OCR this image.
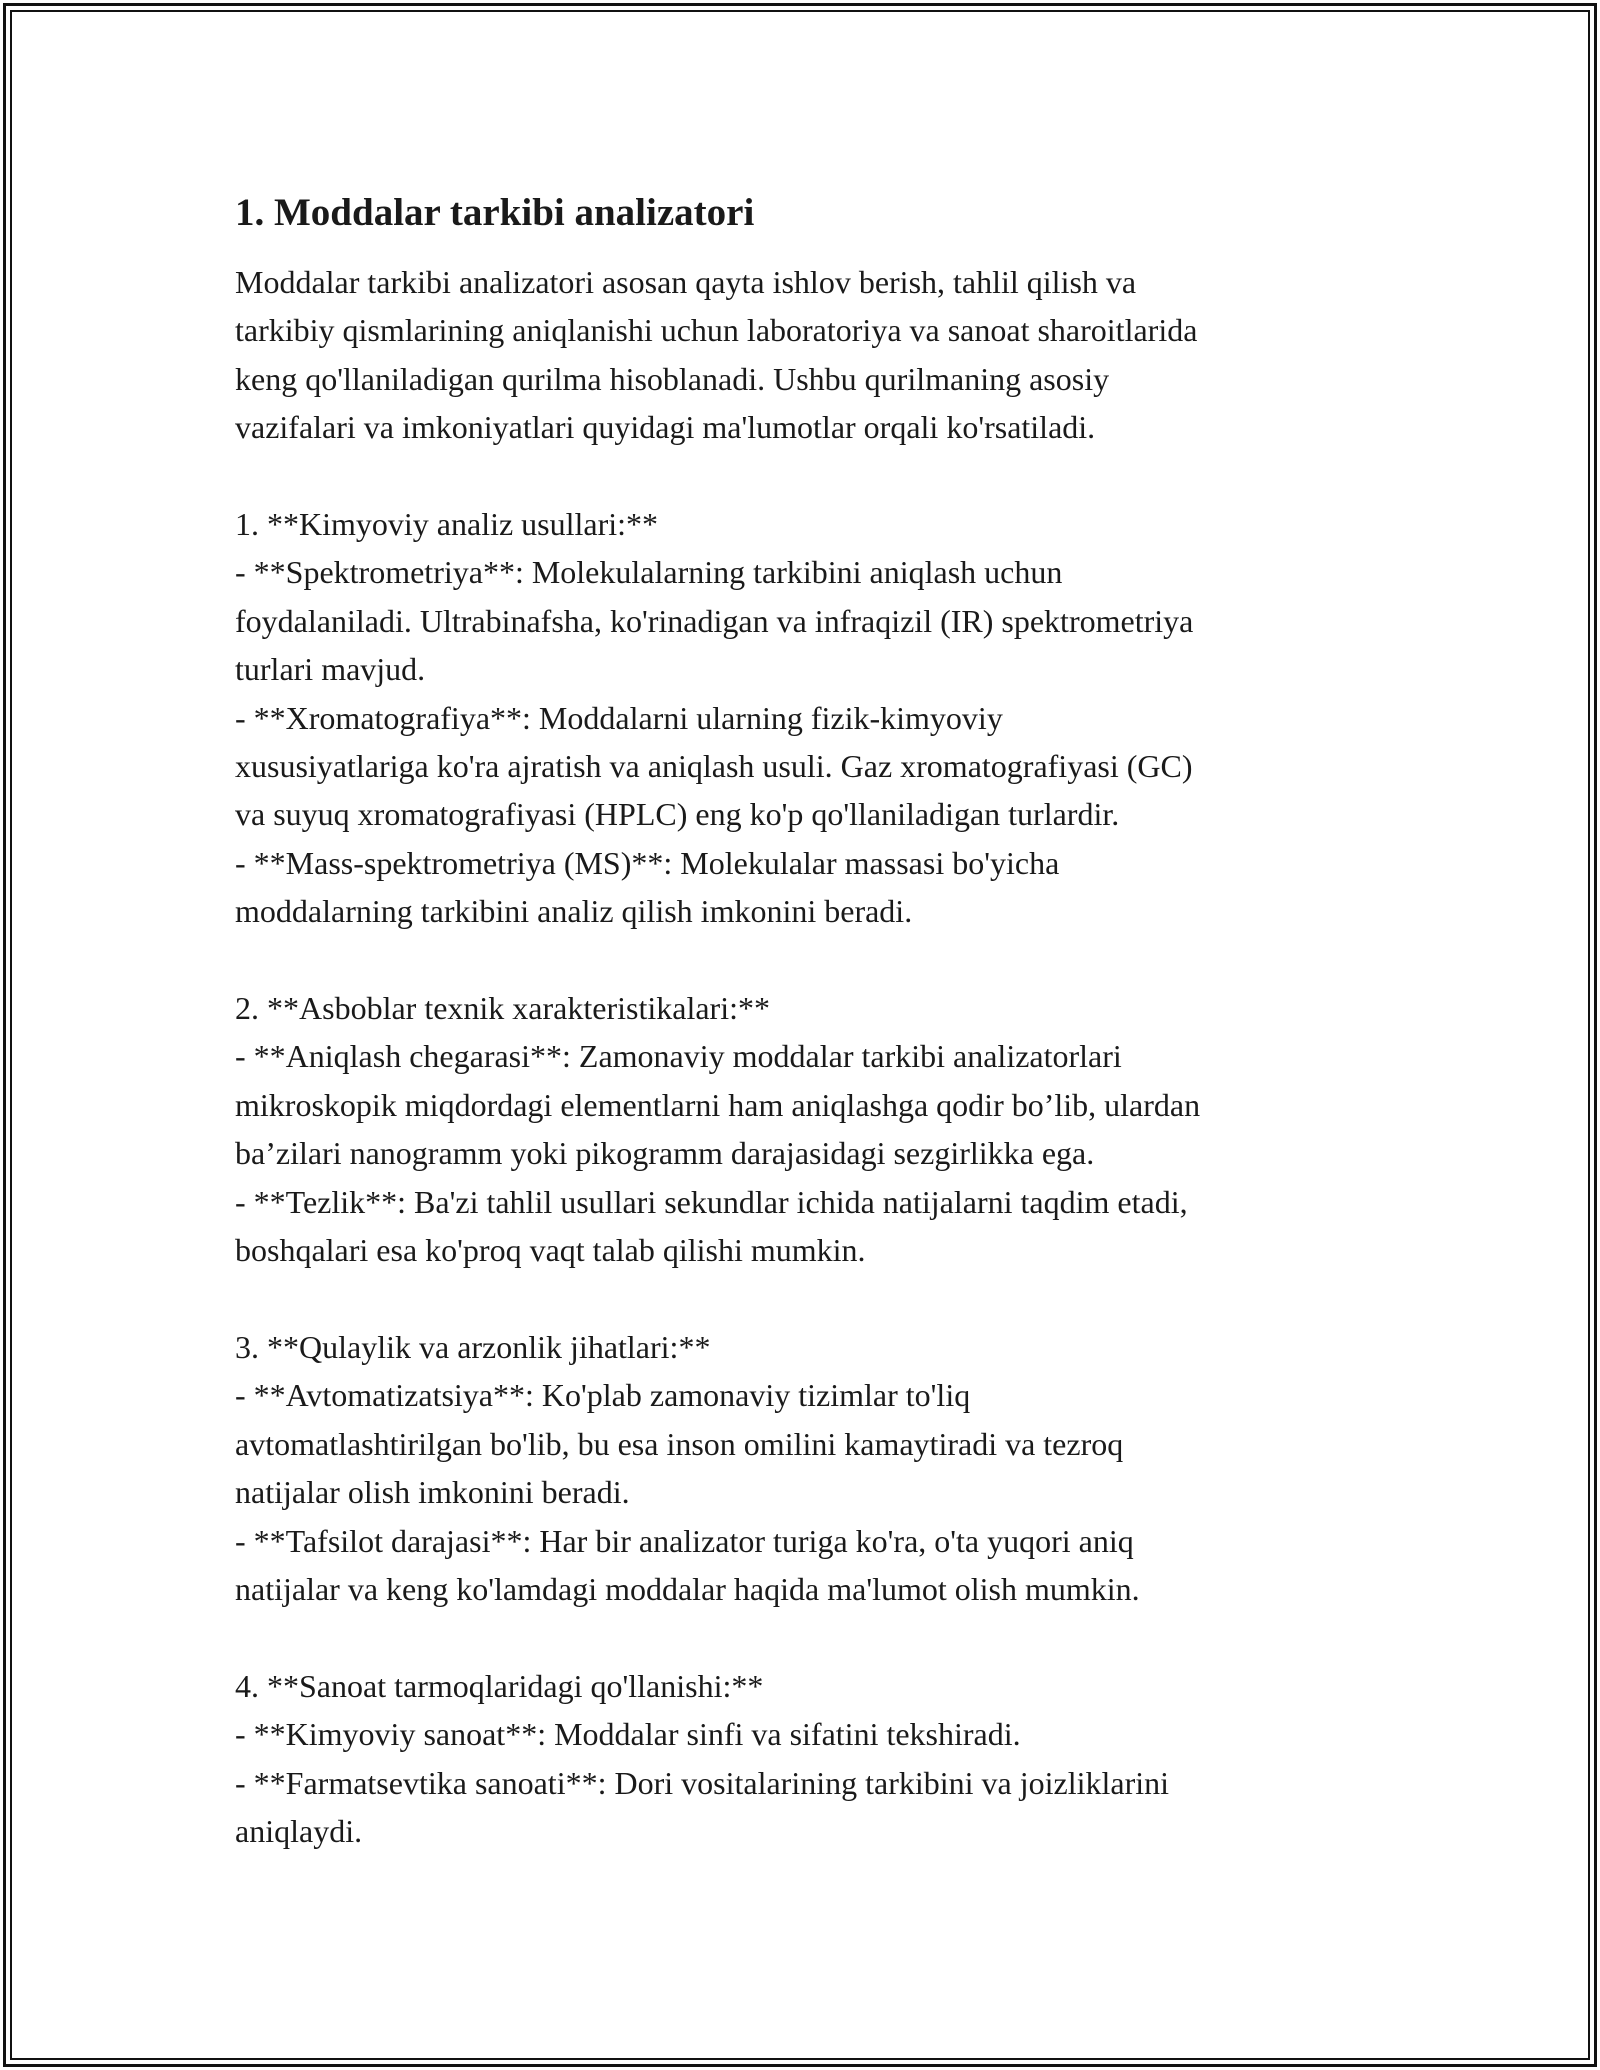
1. Moddalar tarkibi analizatori

Moddalar tarkibi analizatori asosan qayta ishlov berish, tahlil qilish va
tarkibiy qismlarining aniqlanishi uchun laboratoriya va sanoat sharoitlarida
keng qo'llaniladigan qurilma hisoblanadi. Ushbu qurilmaning asosiy
vazifalari va imkoniyatlari quyidagi ma'lumotlar orqali ko'rsatiladi.

1. **Kimyoviy analiz usullari:**

- **Spektrometriya**: Molekulalarning tarkibini aniqlash uchun
foydalaniladi. Ultrabinafsha, ko'rinadigan va infraqizil (IR) spektrometriya
turlari mavjud.

- **Xromatografiya**: Moddalarni ularning fizik-kimyoviy
xususiyatlariga ko'ra ajratish va aniqlash usuli. Gaz xromatografiyasi (GC)
va suyuq xromatografiyasi (HPLC) eng ko'p qo'llaniladigan turlardir.

- **Mass-spektrometriya (MS)**: Molekulalar massasi bo'yicha
moddalarning tarkibini analiz qilish imkonini beradi.

2. **Asboblar texnik xarakteristikalari:**

- **Aniqlash chegarasi**: Zamonaviy moddalar tarkibi analizatorlari
mikroskopik miqdordagi elementlarni ham aniqlashga qodir bo’lib, ulardan
ba’zilari nanogramm yoki pikogramm darajasidagi sezgirlikka ega.

- **Tezlik**: Ba'zi tahlil usullari sekundlar ichida natijalarni taqdim etadi,
boshqalari esa ko'proq vaqt talab qilishi mumkin.

3. **Qulaylik va arzonlik jihatlari:**

- **Avtomatizatsiya**: Ko'plab zamonaviy tizimlar to'liq
avtomatlashtirilgan bo'lib, bu esa inson omilini kamaytiradi va tezroq
natijalar olish imkonini beradi.

- **Tafsilot darajasi**: Har bir analizator turiga ko'ra, o'ta yuqori aniq
natijalar va keng ko'lamdagi moddalar haqida ma'lumot olish mumkin.

4. **Sanoat tarmoqlaridagi qo'llanishi:**

- **Kimyoviy sanoat**: Moddalar sinfi va sifatini tekshiradi.

- **Farmatsevtika sanoati**: Dori vositalarining tarkibini va joizliklarini
aniqlaydi.
